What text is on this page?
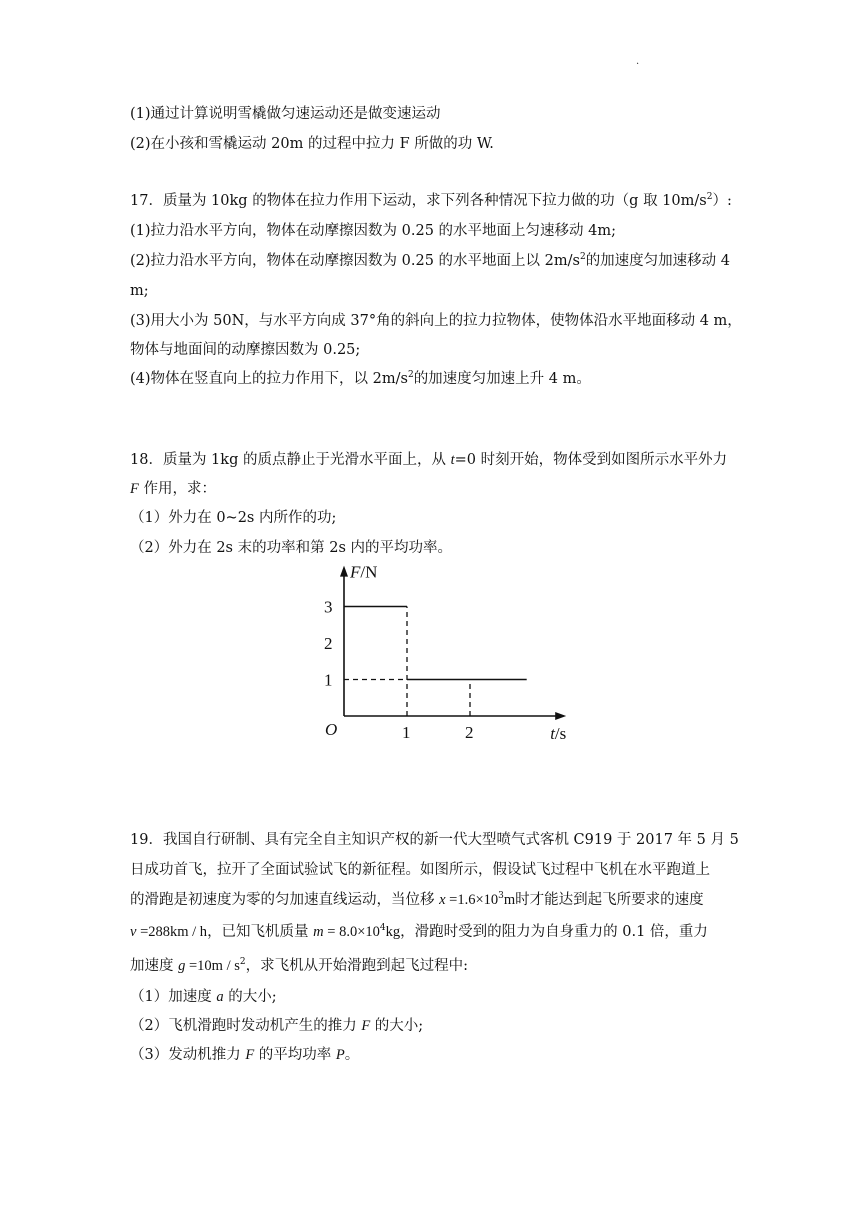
.
(1)通过计算说明雪橇做匀速运动还是做变速运动
(2)在小孩和雪橇运动 20m 的过程中拉力 F 所做的功 W.
17．质量为 10kg 的物体在拉力作用下运动，求下列各种情况下拉力做的功（g 取 $10m/s^2$）:
(1)拉力沿水平方向，物体在动摩擦因数为 0.25 的水平地面上匀速移动 4m;
(2)拉力沿水平方向，物体在动摩擦因数为 0.25 的水平地面上以 $2m/s^2$的加速度匀加速移动 4
m;
(3)用大小为 50N，与水平方向成 37°角的斜向上的拉力拉物体，使物体沿水平地面移动 4 m，
物体与地面间的动摩擦因数为 0.25;
(4)物体在竖直向上的拉力作用下，以 $2m/s^2$的加速度匀加速上升 4 m。
18．质量为 1kg 的质点静止于光滑水平面上，从 t=0 时刻开始，物体受到如图所示水平外力
F 作用，求：
（1）外力在 0~2s 内所作的功;
（2）外力在 2s 末的功率和第 2s 内的平均功率。
1
2
3
1	2
O
F/N
t/s
19．我国自行研制、具有完全自主知识产权的新一代大型喷气式客机 C919 于 2017 年 5 月 5
日成功首飞，拉开了全面试验试飞的新征程。如图所示，假设试飞过程中飞机在水平跑道上
的滑跑是初速度为零的匀加速直线运动，当位移 $x =1.6\times 10^3m$时才能达到起飞所要求的速度
v =288km / h，已知飞机质量 $m = 8.0\times 10^4kg$，滑跑时受到的阻力为自身重力的 0.1 倍，重力
加速度 $g =10m / s^2$，求飞机从开始滑跑到起飞过程中:
（1）加速度 a 的大小;
（2）飞机滑跑时发动机产生的推力 F 的大小;
（3）发动机推力 F 的平均功率 P。
